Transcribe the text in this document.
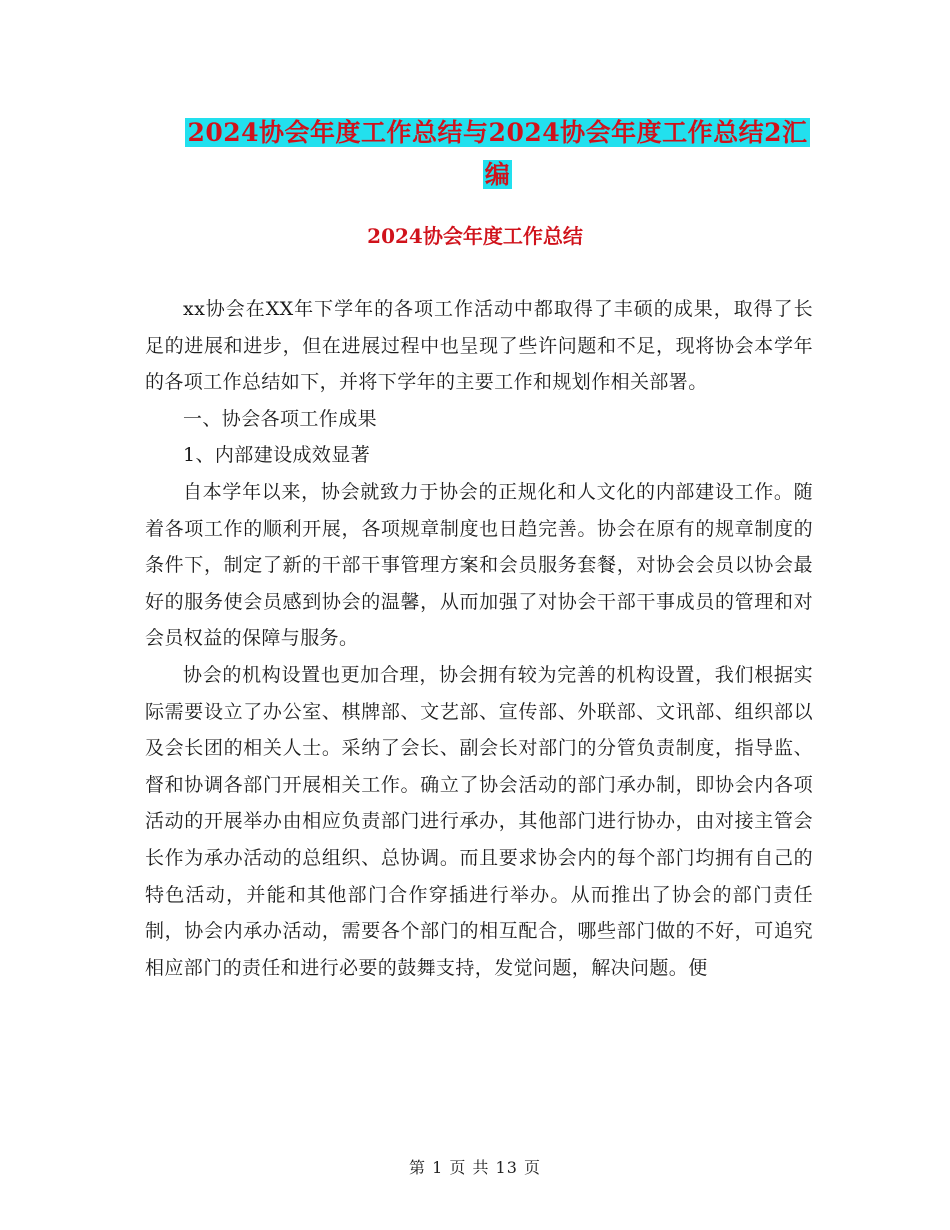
2024协会年度工作总结与2024协会年度工作总结2汇
编
2024协会年度工作总结

xx协会在XX年下学年的各项工作活动中都取得了丰硕的成果，取得了长足的进展和进步，但在进展过程中也呈现了些许问题和不足，现将协会本学年的各项工作总结如下，并将下学年的主要工作和规划作相关部署。

一、协会各项工作成果

1、内部建设成效显著

自本学年以来，协会就致力于协会的正规化和人文化的内部建设工作。随着各项工作的顺利开展，各项规章制度也日趋完善。协会在原有的规章制度的条件下，制定了新的干部干事管理方案和会员服务套餐，对协会会员以协会最好的服务使会员感到协会的温馨，从而加强了对协会干部干事成员的管理和对会员权益的保障与服务。

协会的机构设置也更加合理，协会拥有较为完善的机构设置，我们根据实际需要设立了办公室、棋牌部、文艺部、宣传部、外联部、文讯部、组织部以及会长团的相关人士。采纳了会长、副会长对部门的分管负责制度，指导监、督和协调各部门开展相关工作。确立了协会活动的部门承办制，即协会内各项活动的开展举办由相应负责部门进行承办，其他部门进行协办，由对接主管会长作为承办活动的总组织、总协调。而且要求协会内的每个部门均拥有自己的特色活动，并能和其他部门合作穿插进行举办。从而推出了协会的部门责任制，协会内承办活动，需要各个部门的相互配合，哪些部门做的不好，可追究相应部门的责任和进行必要的鼓舞支持，发觉问题，解决问题。便

第 1 页 共 13 页
